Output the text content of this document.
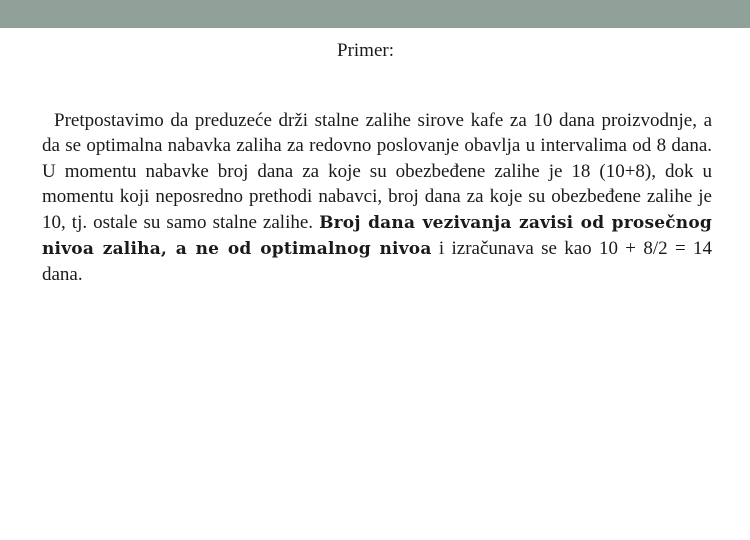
Primer:
Pretpostavimo da preduzeće drži stalne zalihe sirove kafe za 10 dana proizvodnje, a da se optimalna nabavka zaliha za redovno poslovanje obavlja u intervalima od 8 dana. U momentu nabavke broj dana za koje su obezbeđene zalihe je 18 (10+8), dok u momentu koji neposredno prethodi nabavci, broj dana za koje su obezbeđene zalihe je 10, tj. ostale su samo stalne zalihe. Broj dana vezivanja zavisi od prosečnog nivoa zaliha, a ne od optimalnog nivoa i izračunava se kao 10 + 8/2 = 14 dana.
